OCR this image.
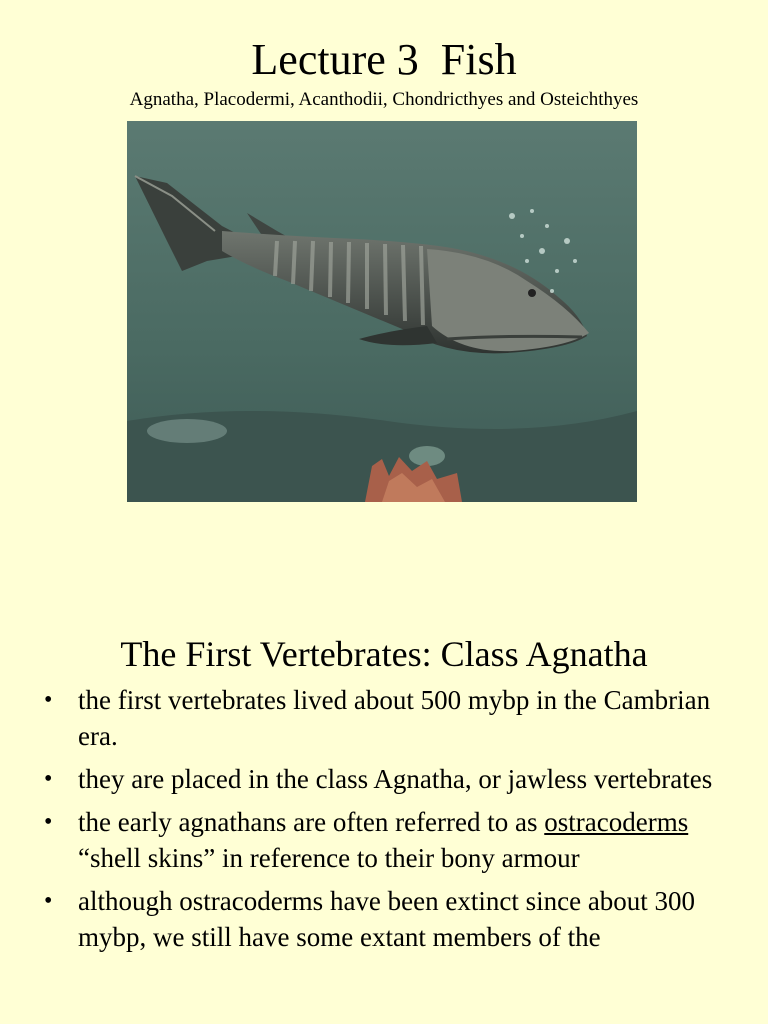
Lecture 3  Fish
Agnatha, Placodermi, Acanthodii, Chondricthyes and Osteichthyes
The First Vertebrates: Class Agnatha
• the first vertebrates lived about 500 mybp in the Cambrian era.
• they are placed in the class Agnatha, or jawless vertebrates
• the early agnathans are often referred to as ostracoderms “shell skins” in reference to their bony armour
• although ostracoderms have been extinct since about 300 mybp, we still have some extant members of the
